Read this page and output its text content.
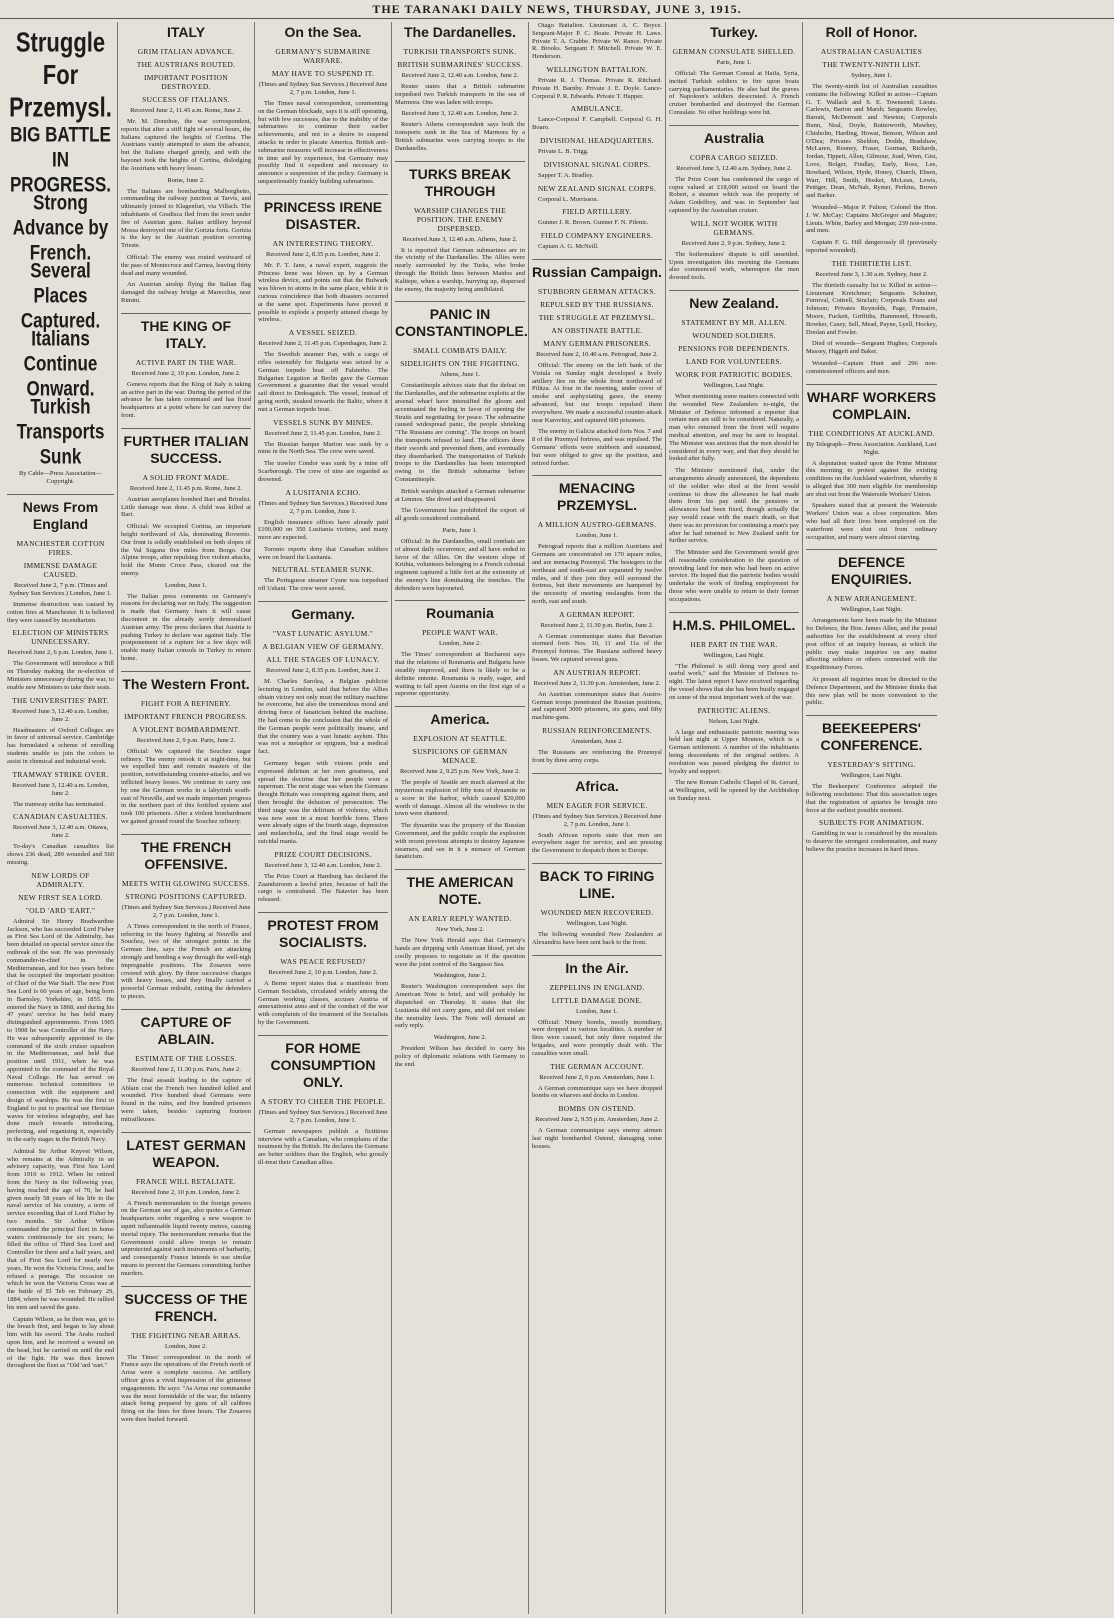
THE TARANAKI DAILY NEWS, THURSDAY, JUNE 3, 1915.
Struggle For Przemysl.
BIG BATTLE IN PROGRESS.
Strong Advance by French.
Several Places Captured.
Italians Continue Onward.
Turkish Transports Sunk
By Cable—Press Association—Copyright.
News From England
MANCHESTER COTTON FIRES.
IMMENSE DAMAGE CAUSED.
Received June 2, 7 p.m. (Times and Sydney Sun Services.) London, June 1.

Immense destruction was caused by cotton fires at Manchester. It is believed they were caused by incendiarism.

ELECTION OF MINISTERS UNNECESSARY.
Received June 2, 6 p.m. London, June 1.

The Government will introduce a Bill on Thursday making the re-election of Ministers unnecessary during the war, to enable new Ministers to take their seats.

THE UNIVERSITIES' PART.
Received June 3, 12.40 a.m. London, June 2.

Headmasters of Oxford Colleges are in favor of universal service. Cambridge has formulated a scheme of enrolling students unable to join the colors to assist in chemical and industrial work.

TRAMWAY STRIKE OVER.
Received June 3, 12.40 a.m. London, June 2.

The tramway strike has terminated.

CANADIAN CASUALTIES.
Received June 3, 12.40 a.m. Ottawa, June 2.

To-day's Canadian casualties list shows 236 dead, 289 wounded and 560 missing.

NEW LORDS OF ADMIRALTY.
NEW FIRST SEA LORD.
"OLD 'ARD 'EART."

Admiral Sir Henry Bradwardine Jackson, who has succeeded Lord Fisher as First Sea Lord of the Admiralty, has been detailed on special service since the outbreak of the war. He was previously commander-in-chief in the Mediterranean, and for two years before that he occupied the important position of Chief of the War Staff. The new First Sea Lord is 60 years of age, being born in Barnsley, Yorkshire, in 1855. He entered the Navy in 1868, and during his 47 years' service he has held many distinguished appointments. From 1905 to 1908 he was Controller of the Navy. He was subsequently appointed to the command of the sixth cruiser squadron in the Mediterranean, and held that position until 1911, when he was appointed to the command of the Royal Naval College. He has served on numerous technical committees in connection with the equipment and design of warships. He was the first in England to put to practical use Hertzian waves for wireless telegraphy, and has done much towards introducing, perfecting, and organising it, especially in the early stages in the British Navy.

Admiral Sir Arthur Knyvet Wilson, who remains at the Admiralty in an advisory capacity, was First Sea Lord from 1910 to 1912. When he retired from the Navy in the following year, having reached the age of 70, he had given nearly 58 years of his life to the naval service of his country, a term of service exceeding that of Lord Fisher by two months. Sir Arthur Wilson commanded the principal fleet in home waters continuously for six years; he filled the office of Third Sea Lord and Controller for three and a half years, and that of First Sea Lord for nearly two years. He won the Victoria Cross, and he refused a peerage. The occasion on which he won the Victoria Cross was at the battle of El Teb on February 29, 1884, where he was wounded. He rallied his men and saved the guns.

Captain Wilson, as he then was, got to the breach first, and began to lay about him with his sword. The Arabs rushed upon him, and he received a wound on the head, but he carried on until the end of the fight. He was then known throughout the fleet as "Old 'ard 'eart."

ITALY
GRIM ITALIAN ADVANCE.
THE AUSTRIANS ROUTED.
IMPORTANT POSITION DESTROYED.
SUCCESS OF ITALIANS.
Received June 2, 11.45 a.m. Rome, June 2.

Mr. M. Donohoe, the war correspondent, reports that after a stiff fight of several hours, the Italians captured the heights of Cortina. The Austrians vainly attempted to stem the advance, but the Italians charged grimly, and with the bayonet took the heights of Cortina, dislodging the Austrians with heavy losses.

Rome, June 2.

The Italians are bombarding Malborghetto, commanding the railway junction at Tarvis, and ultimately joined to Klagenfurt, via Villach. The inhabitants of Gradisca fled from the town under fire of Austrian guns. Italian artillery beyond Mossa destroyed one of the Gorizia forts. Gorizia is the key to the Austrian position covering Trieste.

Official: The enemy was routed westward of the pass of Montecroce and Carnea, leaving thirty dead and many wounded.

An Austrian airship flying the Italian flag damaged the railway bridge at Marecchia, near Rimini.

THE KING OF ITALY.
ACTIVE PART IN THE WAR.
Received June 2, 10 p.m. London, June 2.

Geneva reports that the King of Italy is taking an active part in the war. During the period of the advance he has taken command and has fixed headquarters at a point where he can survey the front.

FURTHER ITALIAN SUCCESS.
A SOLID FRONT MADE.
Received June 2, 11.45 p.m. Rome, June 2.

Austrian aeroplanes bombed Bari and Brindisi. Little damage was done. A child was killed at Bari.

Official: We occupied Cortina, an important height northward of Ala, dominating Rovereto. Our front is solidly established on both slopes of the Val Sugana five miles from Borgo. Our Alpine troops, after repulsing five violent attacks, hold the Monte Croce Pass, cleared out the enemy.

London, June 1.

The Italian press comments on Germany's reasons for declaring war on Italy. The suggestion is made that Germany fears it will cause discontent in the already sorely demoralised Austrian army. The press declares that Austria is pushing Turkey to declare war against Italy. The postponement of a rupture for a few days will enable many Italian consuls in Turkey to return home.

The Western Front.
FIGHT FOR A REFINERY.
IMPORTANT FRENCH PROGRESS.
A VIOLENT BOMBARDMENT.
Received June 2, 9 p.m. Paris, June 2.

Official: We captured the Souchez sugar refinery. The enemy retook it at night-time, but we expelled him and remain masters of the position, notwithstanding counter-attacks, and we inflicted heavy losses. We continue to carry one by one the German works in a labyrinth south-east of Neuville, and we made important progress in the northern part of this fortified system and took 100 prisoners. After a violent bombardment we gained ground round the Souchez refinery.

THE FRENCH OFFENSIVE.
MEETS WITH GLOWING SUCCESS.
STRONG POSITIONS CAPTURED.
(Times and Sydney Sun Services.) Received June 2, 7 p.m. London, June 1.

A Times correspondent in the north of France, referring to the heavy fighting at Neuville and Souchez, two of the strongest points in the German line, says the French are attacking strongly and bending a way through the well-nigh impregnable positions. The Zouaves were covered with glory. By three successive charges with heavy losses, and they finally carried a powerful German redoubt, cutting the defenders to pieces.

CAPTURE OF ABLAIN.
ESTIMATE OF THE LOSSES.
Received June 2, 11.30 p.m. Paris, June 2.

The final assault leading to the capture of Ablain cost the French two hundred killed and wounded. Five hundred dead Germans were found in the ruins, and five hundred prisoners were taken, besides capturing fourteen mitrailleuses.

LATEST GERMAN WEAPON.
FRANCE WILL RETALIATE.
Received June 2, 10 p.m. London, June 2.

A French memorandum to the foreign powers on the German use of gas, also quotes a German headquarters order regarding a new weapon to squirt inflammable liquid twenty metres, causing mortal injury. The memorandum remarks that the Government could allow troops to remain unprotected against such instruments of barbarity, and consequently France intends to use similar means to prevent the Germans committing further murders.

SUCCESS OF THE FRENCH.
THE FIGHTING NEAR ARRAS.
London, June 2.

The Times' correspondent in the north of France says the operations of the French north of Arras were a complete success. An artillery officer gives a vivid impression of the grimmest engagements. He says: "As Arras our commander was the most formidable of the war, the infantry attack being prepared by guns of all calibres firing on the lines for three hours. The Zouaves were then hurled forward.

On the Sea.
GERMANY'S SUBMARINE WARFARE.
MAY HAVE TO SUSPEND IT.
(Times and Sydney Sun Services.) Received June 2, 7 p.m. London, June 1.

The Times naval correspondent, commenting on the German blockade, says it is still operating, but with few successes, due to the inability of the submarines to continue their earlier achievements, and not to a desire to suspend attacks in order to placate America. British anti-submarine measures will increase in effectiveness in time and by experience, but Germany may possibly find it expedient and necessary to announce a suspension of the policy. Germany is unquestionably frankly building submarines.

PRINCESS IRENE DISASTER.
AN INTERESTING THEORY.
Received June 2, 8.35 p.m. London, June 2.

Mr. F. T. Jane, a naval expert, suggests the Princess Irene was blown up by a German wireless device, and points out that the Bulwark was blown to atoms in the same place, while it is curious coincidence that both disasters occurred at the same spot. Experiments have proved it possible to explode a properly attuned charge by wireless.

A VESSEL SEIZED.
Received June 2, 11.45 p.m. Copenhagen, June 2.

The Swedish steamer Pan, with a cargo of rifles ostensibly for Bulgaria was seized by a German torpedo boat off Falsterbo. The Bulgarian Legation at Berlin gave the German Government a guarantee that the vessel would sail direct to Dedeagatch. The vessel, instead of going north, steaked towards the Baltic, where it met a German torpedo boat.

VESSELS SUNK BY MINES.
Received June 2, 11.45 p.m. London, June 2.

The Russian barque Marion was sunk by a mine in the North Sea. The crew were saved.

The trawler Condor was sunk by a mine off Scarborough. The crew of nine are regarded as drowned.

A LUSITANIA ECHO.
(Times and Sydney Sun Services.) Received June 2, 7 p.m. London, June 1.

English insurance offices have already paid £100,000 on 350 Lusitania victims, and many more are expected.

Toronto reports deny that Canadian soldiers were on board the Lusitania.

NEUTRAL STEAMER SUNK.

The Portuguese steamer Cysne was torpedoed off Ushant. The crew were saved.

Germany.
"VAST LUNATIC ASYLUM."
A BELGIAN VIEW OF GERMANY.
ALL THE STAGES OF LUNACY.
Received June 2, 8.35 p.m. London, June 2.

M. Charles Sarolea, a Belgian publicist lecturing in London, said that before the Allies obtain victory not only must the military machine be overcome, but also the tremendous moral and driving force of fanaticism behind the machine. He had come to the conclusion that the whole of the German people were politically insane, and that the country was a vast lunatic asylum. This was not a metaphor or epigram, but a medical fact.

Germany began with visions pride and expressed delirium at her own greatness, and spread the doctrine that her people were a superman. The next stage was when the Germans thought Britain was conspiring against them, and then brought the delusion of persecution. The third stage was the delirium of violence, which was now seen in a most horrible form. There were already signs of the fourth stage, depression and melancholia, and the final stage would be suicidal mania.

PRIZE COURT DECISIONS.
Received June 3, 12.40 a.m. London, June 2.

The Prize Court at Hamburg has declared the Zaandstroom a lawful prize, because of half the cargo is contraband. The Batavier has been released.

PROTEST FROM SOCIALISTS.
WAS PEACE REFUSED?
Received June 2, 10 p.m. London, June 2.

A Berne report states that a manifesto from German Socialists, circulated widely among the German working classes, accuses Austria of annexationist aims and of the conduct of the war with complaints of the treatment of the Socialists by the Government.

FOR HOME CONSUMPTION ONLY.
A STORY TO CHEER THE PEOPLE.
(Times and Sydney Sun Services.) Received June 2, 7 p.m. London, June 1.

German newspapers publish a fictitious interview with a Canadian, who complains of the treatment by the British. He declares the Germans are better soldiers than the English, who grossly ill-treat their Canadian allies.

The Dardanelles.
TURKISH TRANSPORTS SUNK.
BRITISH SUBMARINES' SUCCESS.
Received June 2, 12.40 a.m. London, June 2.

Reuter states that a British submarine torpedoed two Turkish transports in the sea of Marmora. One was laden with troops.

Received June 3, 12.40 a.m. London, June 2.

Reuter's Athens correspondent says both the transports sunk in the Sea of Marmora by a British submarine were carrying troops to the Dardanelles.

TURKS BREAK THROUGH
WARSHIP CHANGES THE POSITION. THE ENEMY DISPERSED.
Received June 3, 12.40 a.m. Athens, June 2.

It is reported that German submarines are in the vicinity of the Dardanelles. The Allies were nearly surrounded by the Turks, who broke through the British lines between Maidos and Kalitepe, when a warship, hurrying up, dispersed the enemy, the majority being annihilated.

PANIC IN CONSTANTINOPLE.
SMALL COMBATS DAILY.
SIDELIGHTS ON THE FIGHTING.
Athens, June 1.

Constantinople advices state that the defeat on the Dardanelles, and the submarine exploits at the arsenal wharf have intensified the gloom and accentuated the feeling in favor of opening the Straits and negotiating for peace. The submarine caused widespread panic, the people shrieking "The Russians are coming". The troops on board the transports refused to land. The officers drew their swords and prevented them, and eventually they disembarked. The transportation of Turkish troops to the Dardanelles has been interrupted owing to the British submarine before Constantinople.

British warships attacked a German submarine at Lemnos. She dived and disappeared.

The Government has prohibited the export of all goods considered contraband.

Paris, June 1.

Official: In the Dardanelles, small combats are of almost daily occurrence, and all have ended in favor of the Allies. On the western slope of Krithia, volunteers belonging to a French colonial regiment captured a little fort at the extremity of the enemy's line dominating the trenches. The defenders were bayoneted.

Roumania
PEOPLE WANT WAR.
London, June 2.

The Times' correspondent at Bucharest says that the relations of Roumania and Bulgaria have steadily improved, and there is likely to be a definite entente. Roumania is ready, eager, and waiting to fall upon Austria on the first sign of a supreme opportunity.

America.
EXPLOSION AT SEATTLE.
SUSPICIONS OF GERMAN MENACE.
Received June 2, 9.25 p.m. New York, June 2.

The people of Seattle are much alarmed at the mysterious explosion of fifty tons of dynamite in a scow in the harbor, which caused $20,000 worth of damage. Almost all the windows in the town were shattered.

The dynamite was the property of the Russian Government, and the public couple the explosion with recent previous attempts to destroy Japanese steamers, and see in it a menace of German fanaticism.

THE AMERICAN NOTE.
AN EARLY REPLY WANTED.
New York, June 2.

The New York Herald says that Germany's hands are dripping with American blood, yet she coolly proposes to negotiate as if the question were the joint control of the Sargasso Sea.

Washington, June 2.

Reuter's Washington correspondent says the American Note is brief, and will probably be dispatched on Thursday. It states that the Lusitania did not carry guns, and did not violate the neutrality laws. The Note will demand an early reply.

Washington, June 2.

President Wilson has decided to carry his policy of diplomatic relations with Germany to the end.

Otago Battalion. Lieutenant A. C. Boyce. Sergeant-Major P. C. Boate. Private H. Laws. Private T. A. Crabbe. Private W. Rance. Private R. Brooks. Sergeant F. Mitchell. Private W. E. Henderson.

WELLINGTON BATTALION.

Private R. J. Thomas. Private R. Ritchard. Private H. Barnby. Private J. E. Doyle. Lance-Corporal P. R. Edwards. Private T. Happer.

AMBULANCE.

Lance-Corporal F. Campbell. Corporal G. H. Boaro.

DIVISIONAL HEADQUARTERS.

Private L. B. Trigg.

DIVISIONAL SIGNAL CORPS.

Sapper T. A. Bradley.

NEW ZEALAND SIGNAL CORPS.

Corporal L. Morrisson.

FIELD ARTILLERY.

Gunner J. R. Brown. Gunner F. N. Pilenic.

FIELD COMPANY ENGINEERS.

Captain A. G. McNeill.

Russian Campaign.
STUBBORN GERMAN ATTACKS.
REPULSED BY THE RUSSIANS.
THE STRUGGLE AT PRZEMYSL.
AN OBSTINATE BATTLE.
MANY GERMAN PRISONERS.
Received June 2, 10.40 a.m. Petrograd, June 2.

Official: The enemy on the left bank of the Vistula on Sunday night developed a lively artillery fire on the whole front northward of Pilitza. At four in the morning, under cover of smoke and asphyxiating gases, the enemy advanced, but our troops repulsed them everywhere. We made a successful counter-attack near Kurovitsy, and captured 600 prisoners.

The enemy in Galicia attacked forts Nos. 7 and 8 of the Przemysl fortress, and was repulsed. The Germans' efforts were stubborn and sustained, but were obliged to give up the position, and retired further.

MENACING PRZEMYSL.
A MILLION AUSTRO-GERMANS.
London, June 1.

Petrograd reports that a million Austrians and Germans are concentrated on 170 square miles, and are menacing Przemysl. The besiegers in the northeast and south-east are separated by twelve miles, and if they join they will surround the fortress, but their movements are hampered by the necessity of meeting onslaughts from the north, east and south.

A GERMAN REPORT.
Received June 2, 11.30 p.m. Berlin, June 2.

A German communique states that Bavarian stormed forts Nos. 10, 11 and 11a of the Przemysl fortress. The Russians suffered heavy losses. We captured several guns.

AN AUSTRIAN REPORT.
Received June 2, 11.30 p.m. Amsterdam, June 2.

An Austrian communique states that Austro-German troops penetrated the Russian positions, and captured 3000 prisoners, six guns, and fifty machine-guns.

RUSSIAN REINFORCEMENTS.
Amsterdam, June 2.

The Russians are reinforcing the Przemysl front by three army corps.

Africa.
MEN EAGER FOR SERVICE.
(Times and Sydney Sun Services.) Received June 2, 7 p.m. London, June 1.

South African reports state that men are everywhere eager for service, and are pressing the Government to despatch them to Europe.

BACK TO FIRING LINE.
WOUNDED MEN RECOVERED.
Wellington, Last Night.

The following wounded New Zealanders at Alexandria have been sent back to the front.

In the Air.
ZEPPELINS IN ENGLAND.
LITTLE DAMAGE DONE.
London, June 1.

Official: Ninety bombs, mostly incendiary, were dropped in various localities. A number of fires were caused, but only three required the brigades, and were promptly dealt with. The casualties were small.

THE GERMAN ACCOUNT.
Received June 2, 6 p.m. Amsterdam, June 1.

A German communique says we have dropped bombs on wharves and docks in London.

BOMBS ON OSTEND.
Received June 2, 9.55 p.m. Amsterdam, June 2.

A German communique says enemy airmen last night bombarded Ostend, damaging some houses.

Turkey.
GERMAN CONSULATE SHELLED.
Paris, June 1.

Official: The German Consul at Haifa, Syria, incited Turkish soldiers to fire upon boats carrying parliamentaries. He also had the graves of Napoleon's soldiers desecrated. A French cruiser bombarded and destroyed the German Consulate. No other buildings were hit.

Australia
COPRA CARGO SEIZED.
Received June 3, 12.40 a.m. Sydney, June 2.

The Prize Court has condemned the cargo of copra valued at £18,000 seized on board the Robert, a steamer which was the property of Adam Godeffroy, and was in September last captured by the Australian cruiser.

WILL NOT WORK WITH GERMANS.
Received June 2, 9 p.m. Sydney, June 2.

The boilermakers' dispute is still unsettled. Upon investigation this morning the Germans also commenced work, whereupon the men downed tools.

New Zealand.
STATEMENT BY MR. ALLEN.
WOUNDED SOLDIERS.
PENSIONS FOR DEPENDENTS.
LAND FOR VOLUNTEERS.
WORK FOR PATRIOTIC BODIES.
Wellington, Last Night.

When mentioning some matters connected with the wounded New Zealanders to-night, the Minister of Defence informed a reporter that certain men are still to be considered. Naturally, a man who returned from the front will require medical attention, and may be sent to hospital. The Minister was anxious that the men should be considered in every way, and that they should be looked after fully.

The Minister mentioned that, under the arrangements already announced, the dependents of the soldier who died at the front would continue to draw the allowance he had made them from his pay until the pensions or allowances had been fixed, though actually the pay would cease with the man's death, so that there was no provision for continuing a man's pay after he had returned to New Zealand unfit for further service.

The Minister said the Government would give all reasonable consideration to the question of providing land for men who had been on active service. He hoped that the patriotic bodies would undertake the work of finding employment for those who were unable to return to their former occupations.

H.M.S. PHILOMEL.
HER PART IN THE WAR.
Wellington, Last Night.

"The Philomel is still doing very good and useful work," said the Minister of Defence to-night. The latest report I have received regarding the vessel shows that she has been busily engaged on some of the most important work of the war.

PATRIOTIC ALIENS.
Nelson, Last Night.

A large and enthusiastic patriotic meeting was held last night at Upper Moutere, which is a German settlement. A number of the inhabitants being descendants of the original settlers. A resolution was passed pledging the district to loyalty and support.

The new Roman Catholic Chapel of St. Gerard, at Wellington, will be opened by the Archbishop on Sunday next.

Roll of Honor.
AUSTRALIAN CASUALTIES
THE TWENTY-NINTH LIST.
Sydney, June 1.

The twenty-ninth list of Australian casualties contains the following: Killed in action—Captain G. T. Wallack and S. E. Townsend; Lieuts. Carlewis, Barton and Marsh; Sergeants Rowley, Barratt, McDermott and Newton; Corporals Bunn, Neal, Doyle, Butterworth, Mawhey, Chisholm, Harding, Howat, Benson, Wilson and O'Dea; Privates Sheldon, Dodds, Bradshaw, McLaren, Rooney, Fraser, Gorman, Richards, Jordan, Tippett, Allen, Gilmour, Joad, Wren, Gist, Love, Bolger, Findlay, Early, Ross, Lee, Bowhard, Wilson, Hyde, Honey, Church, Ebsen, Warr, Hill, Smith, Hosket, McLean, Lewis, Pettiger, Dean, McNab, Rymer, Perkins, Brown and Barker.

Wounded—Major P. Fulton; Colonel the Hon. J. W. McCay; Captains McGregor and Maguire; Lieuts. White, Barley and Morgan; 239 non-coms. and men.

Captain F. G. Hill dangerously ill (previously reported wounded).

THE THIRTIETH LIST.
Received June 3, 1.30 a.m. Sydney, June 2.

The thirtieth casualty list is: Killed in action—Lieutenant Kretchmer; Sergeants Scheiner, Furnival, Cottrell, Sinclair; Corporals Evans and Johnson; Privates Reynolds, Page, Premaire, Moore, Fuckett, Griffiths, Hammond, Howarth, Bowker, Casey, Sell, Mead, Payne, Lyell, Hockey, Doolan and Fowler.

Died of wounds—Sergeant Hughes; Corporals Massey, Higgett and Baker.

Wounded—Captain Hunt and 296 non-commissioned officers and men.

WHARF WORKERS COMPLAIN.
THE CONDITIONS AT AUCKLAND.
By Telegraph—Press Association. Auckland, Last Night.

A deputation waited upon the Prime Minister this morning to protest against the existing conditions on the Auckland waterfront, whereby it is alleged that 300 men eligible for membership are shut out from the Waterside Workers' Union.

Speakers stated that at present the Waterside Workers' Union was a close corporation. Men who had all their lives been employed on the waterfront were shut out from ordinary occupation, and many were almost starving.

DEFENCE ENQUIRIES.
A NEW ARRANGEMENT.
Wellington, Last Night.

Arrangements have been made by the Minister for Defence, the Hon. James Allen, and the postal authorities for the establishment at every chief post office of an inquiry bureau, at which the public may make inquiries on any matter affecting soldiers or others connected with the Expeditionary Forces.

At present all inquiries must be directed to the Defence Department, and the Minister thinks that this new plan will be more convenient to the public.

BEEKEEPERS' CONFERENCE.
YESTERDAY'S SITTING.
Wellington, Last Night.

The Beekeepers' Conference adopted the following resolutions: That this association urges that the registration of apiaries be brought into force at the earliest possible moment.

SUBJECTS FOR ANIMATION.

Gambling in war is considered by the moralists to deserve the strongest condemnation, and many believe the practice increases in hard times.
